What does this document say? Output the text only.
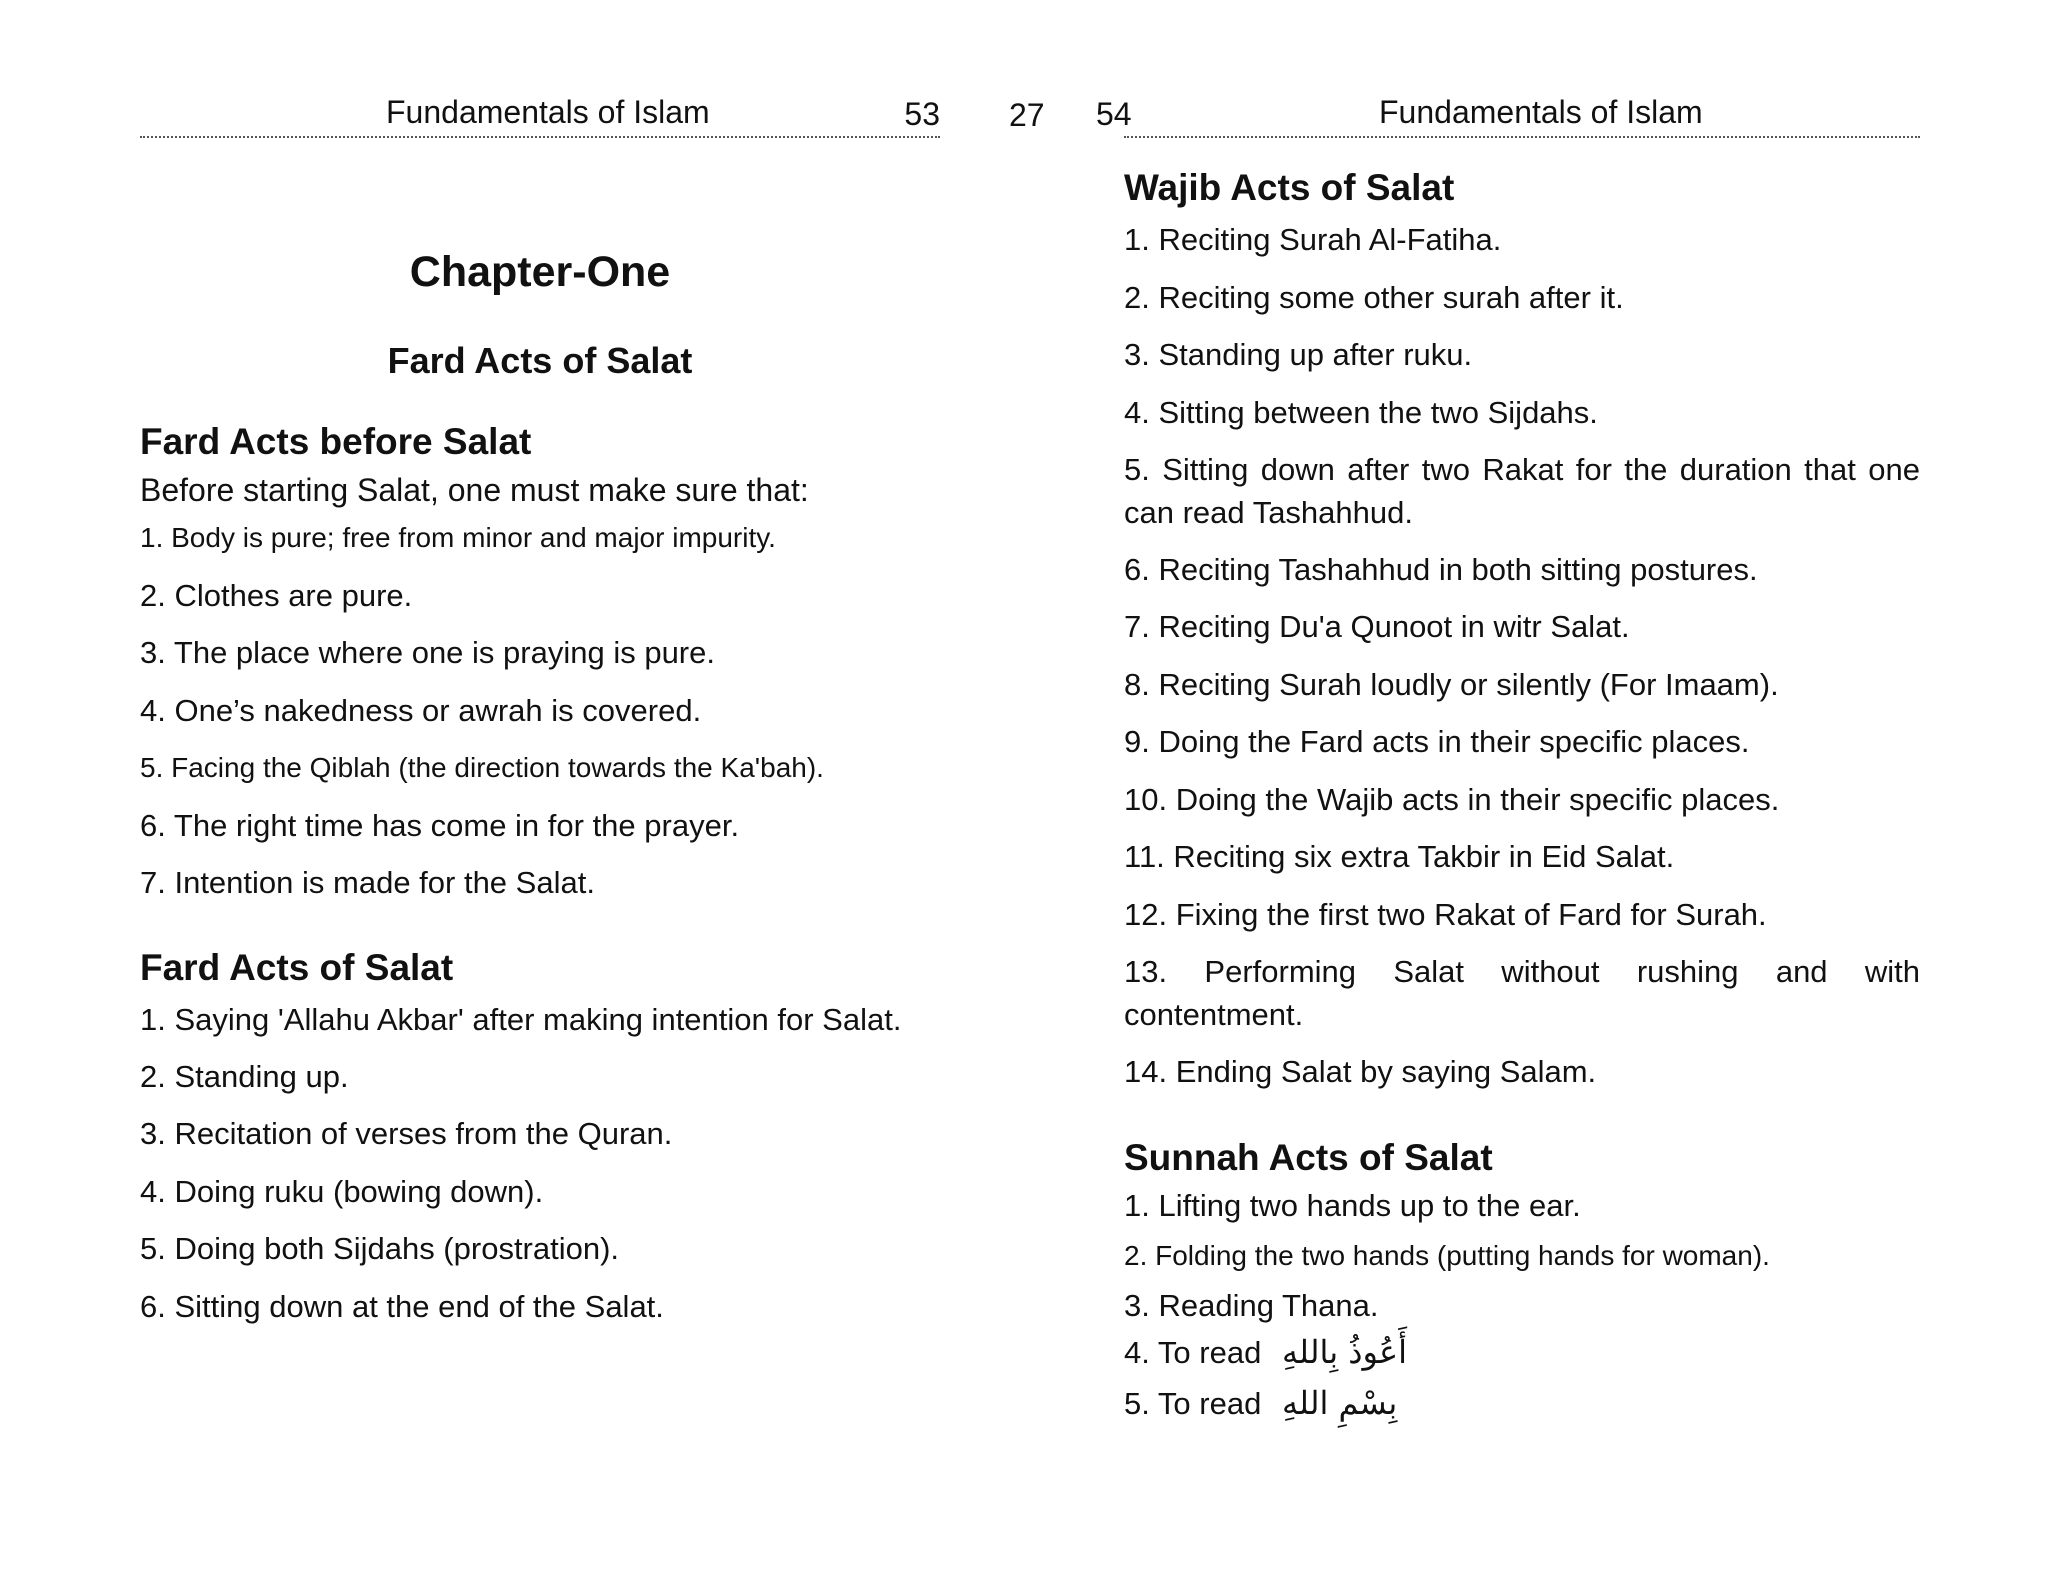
Fundamentals of Islam	53
Chapter-One
Fard Acts of Salat
Fard Acts before Salat
Before starting Salat, one must make sure that:
1. Body is pure; free from minor and major impurity.
2. Clothes are pure.
3. The place where one is praying is pure.
4. One’s nakedness or awrah is covered.
5. Facing the Qiblah (the direction towards the Ka'bah).
6. The right time has come in for the prayer.
7. Intention is made for the Salat.
Fard Acts of Salat
1. Saying 'Allahu Akbar' after making intention for Salat.
2. Standing up.
3. Recitation of verses from the Quran.
4. Doing ruku (bowing down).
5. Doing both Sijdahs (prostration).
6. Sitting down at the end of the Salat.
27 54	Fundamentals of Islam
Wajib Acts of Salat
1. Reciting Surah Al-Fatiha.
2. Reciting some other surah after it.
3. Standing up after ruku.
4. Sitting between the two Sijdahs.
5. Sitting down after two Rakat for the duration that one can read Tashahhud.
6. Reciting Tashahhud in both sitting postures.
7. Reciting Du'a Qunoot in witr Salat.
8. Reciting Surah loudly or silently (For Imaam).
9. Doing the Fard acts in their specific places.
10. Doing the Wajib acts in their specific places.
11. Reciting six extra Takbir in Eid Salat.
12. Fixing the first two Rakat of Fard for Surah.
13. Performing Salat without rushing and with contentment.
14. Ending Salat by saying Salam.
Sunnah Acts of Salat
1. Lifting two hands up to the ear.
2. Folding the two hands (putting hands for woman).
3. Reading Thana.
4. To read أَعُوذُ بِاللهِ
5. To read بِسْمِ اللهِ
